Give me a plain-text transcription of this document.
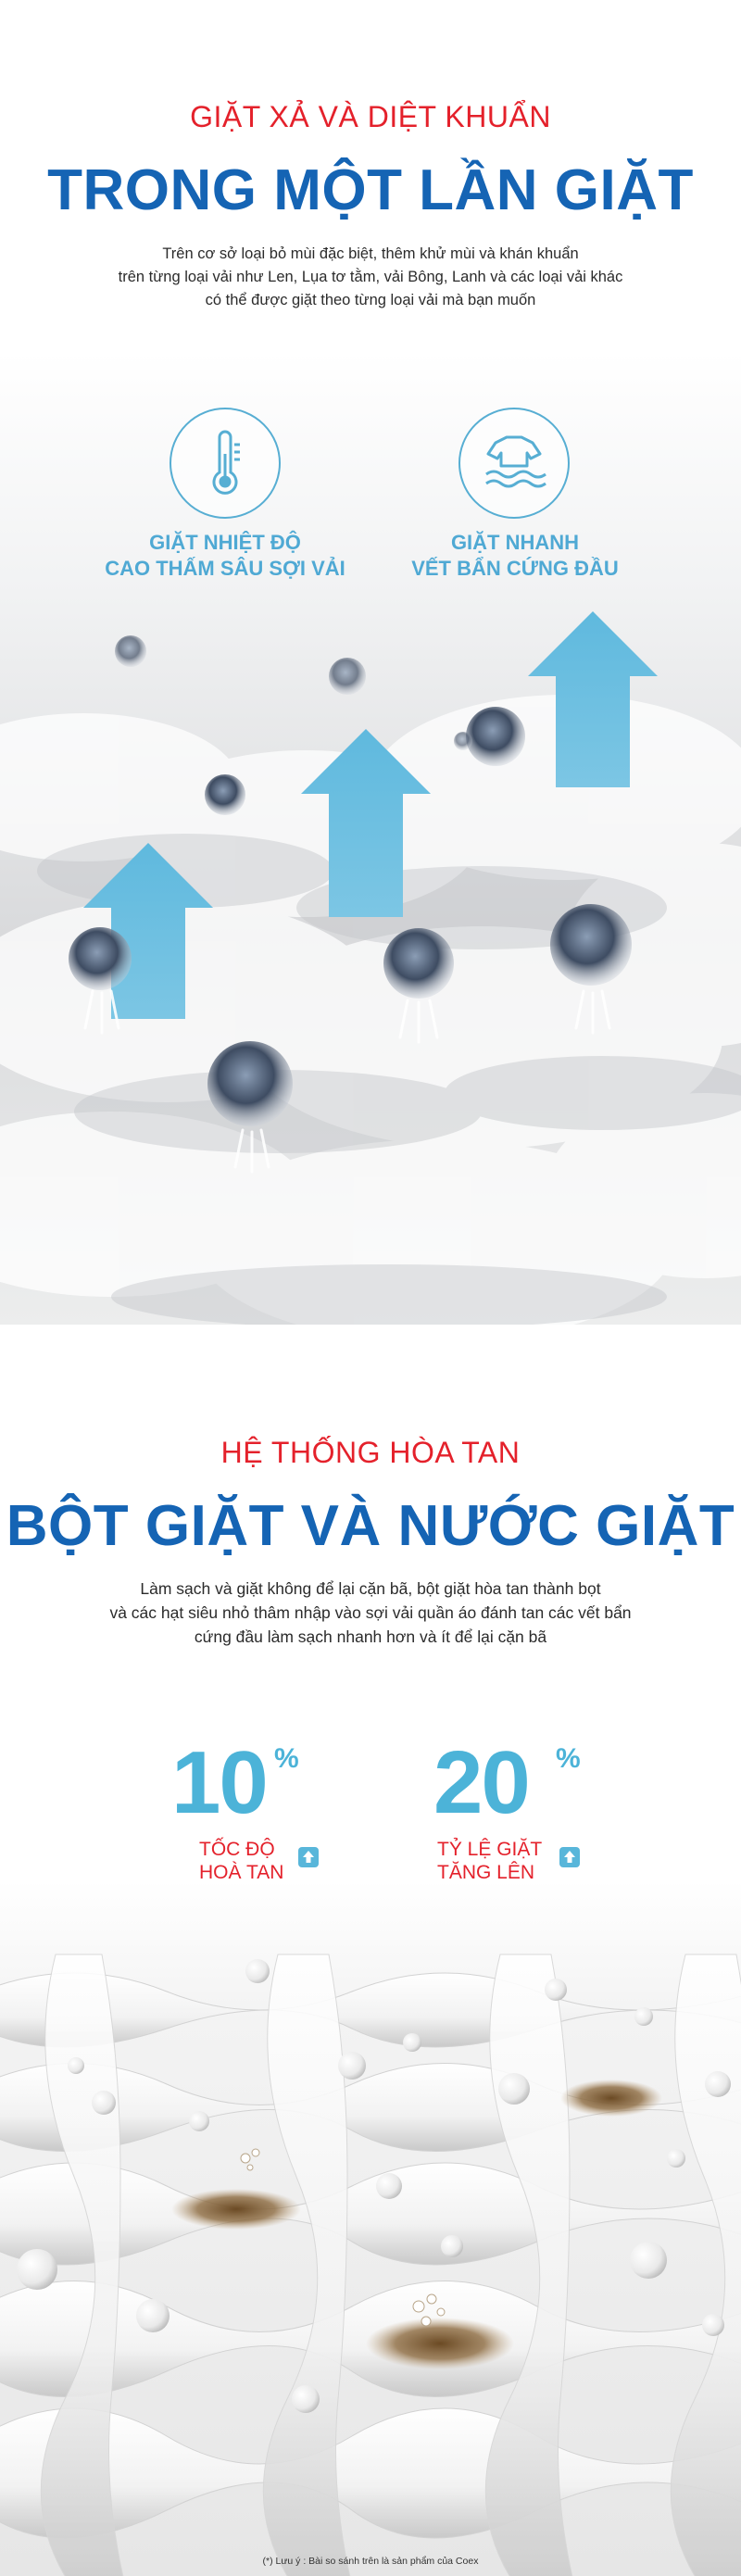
GIẶT XẢ VÀ DIỆT KHUẨN
TRONG MỘT LẦN GIẶT
Trên cơ sở loại bỏ mùi đặc biệt, thêm khử mùi và khán khuẩn
trên từng loại vải như Len, Lụa tơ tằm, vải Bông, Lanh và các loại vải khác
có thể được giặt theo từng loại vải mà bạn muốn
GIẶT NHIỆT ĐỘ
CAO THẤM SÂU SỢI VẢI
GIẶT NHANH
VẾT BẨN CỨNG ĐẦU
HỆ THỐNG HÒA TAN
BỘT GIẶT VÀ NƯỚC GIẶT
Làm sạch và giặt không để lại cặn bã, bột giặt hòa tan thành bọt
và các hạt siêu nhỏ thâm nhập vào sợi vải quần áo đánh tan các vết bẩn
cứng đầu làm sạch nhanh hơn và ít để lại cặn bã
10 %
TỐC ĐỘ
HOÀ TAN
20 %
TỶ LỆ GIẶT
TĂNG LÊN
(*) Lưu ý : Bài so sánh trên là sản phẩm của Coex
